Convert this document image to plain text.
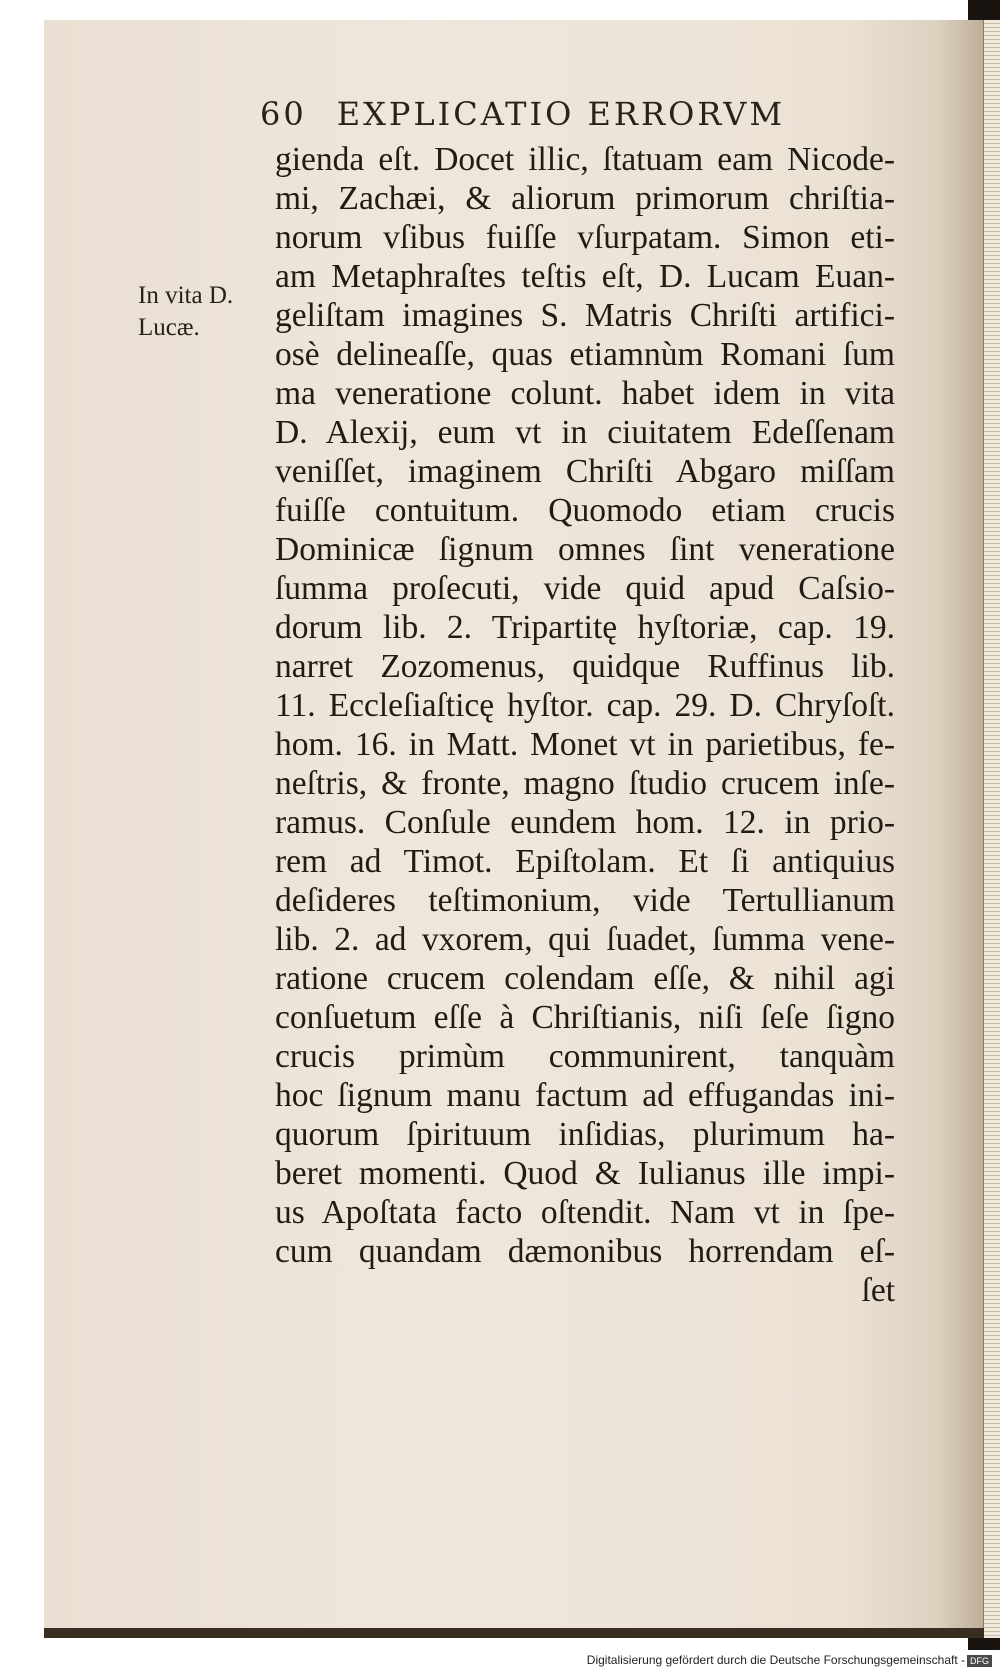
60 EXPLICATIO ERRORVM
In vita D.
Lucæ.
gienda eſt. Docet illic, ſtatuam eam Nicode-
mi, Zachæi, & aliorum primorum chriſtia-
norum vſibus fuiſſe vſurpatam. Simon eti-
am Metaphraſtes teſtis eſt, D. Lucam Euan-
geliſtam imagines S. Matris Chriſti artifici-
osè delineaſſe, quas etiamnùm Romani ſum
ma veneratione colunt. habet idem in vita
D. Alexij, eum vt in ciuitatem Edeſſenam
veniſſet, imaginem Chriſti Abgaro miſſam
fuiſſe contuitum. Quomodo etiam crucis
Dominicæ ſignum omnes ſint veneratione
ſumma proſecuti, vide quid apud Caſsio-
dorum lib. 2. Tripartitę hyſtoriæ, cap. 19.
narret Zozomenus, quidque Ruffinus lib.
11. Eccleſiaſticę hyſtor. cap. 29. D. Chryſoſt.
hom. 16. in Matt. Monet vt in parietibus, fe-
neſtris, & fronte, magno ſtudio crucem inſe-
ramus. Conſule eundem hom. 12. in prio-
rem ad Timot. Epiſtolam. Et ſi antiquius
deſideres teſtimonium, vide Tertullianum
lib. 2. ad vxorem, qui ſuadet, ſumma vene-
ratione crucem colendam eſſe, & nihil agi
conſuetum eſſe à Chriſtianis, niſi ſeſe ſigno
crucis primùm communirent, tanquàm
hoc ſignum manu factum ad effugandas ini-
quorum ſpirituum inſidias, plurimum ha-
beret momenti. Quod & Iulianus ille impi-
us Apoſtata facto oſtendit. Nam vt in ſpe-
cum quandam dæmonibus horrendam eſ-
ſet
Digitalisierung gefördert durch die Deutsche Forschungsgemeinschaft - DFG
